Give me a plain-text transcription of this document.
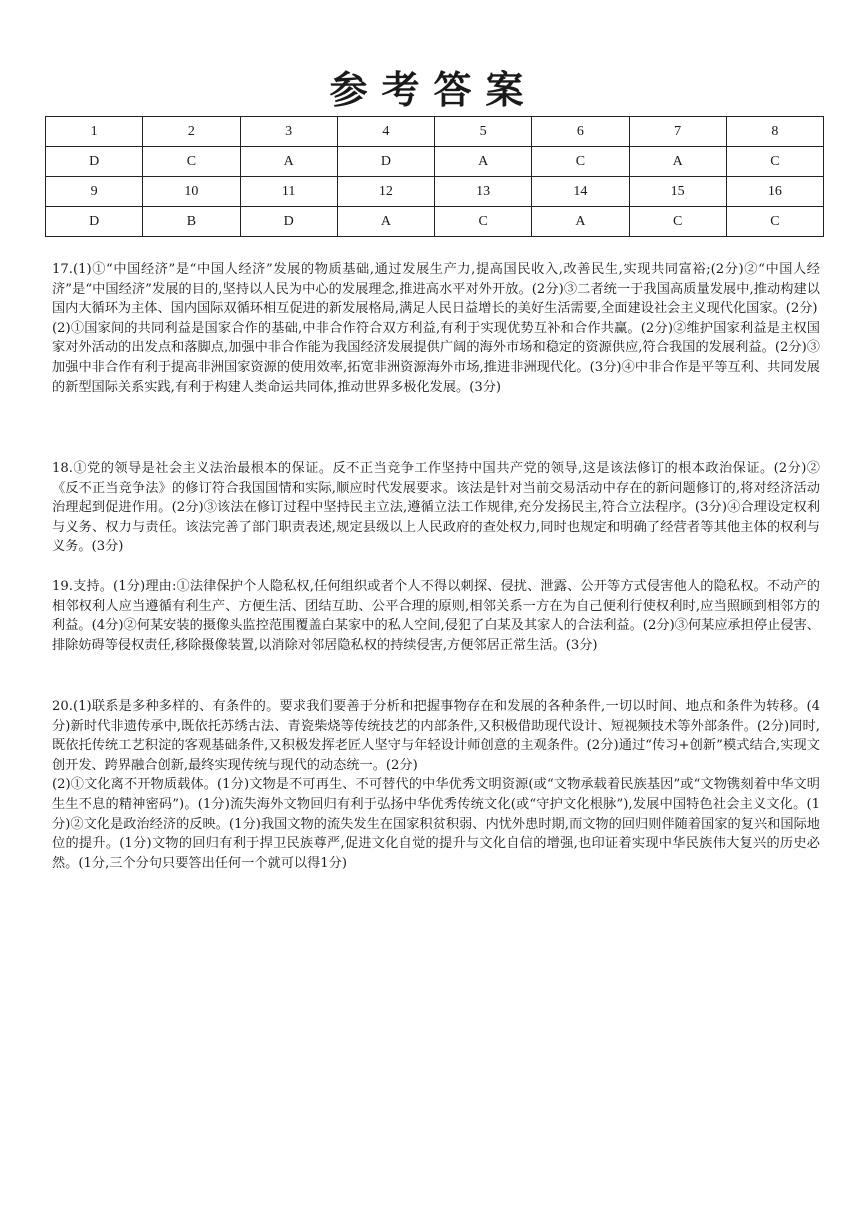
参考答案
1	2	3	4	5	6	7	8
D	C	A	D	A	C	A	C
9	10	11	12	13	14	15	16
D	B	D	A	C	A	C	C

17.(1)①“中国经济”是“中国人经济”发展的物质基础,通过发展生产力,提高国民收入,改善民生,实现共同富裕;(2分)②“中国人经济”是“中国经济”发展的目的,坚持以人民为中心的发展理念,推进高水平对外开放。(2分)③二者统一于我国高质量发展中,推动构建以国内大循环为主体、国内国际双循环相互促进的新发展格局,满足人民日益增长的美好生活需要,全面建设社会主义现代化国家。(2分)

(2)①国家间的共同利益是国家合作的基础,中非合作符合双方利益,有利于实现优势互补和合作共赢。(2分)②维护国家利益是主权国家对外活动的出发点和落脚点,加强中非合作能为我国经济发展提供广阔的海外市场和稳定的资源供应,符合我国的发展利益。(2分)③加强中非合作有利于提高非洲国家资源的使用效率,拓宽非洲资源海外市场,推进非洲现代化。(3分)④中非合作是平等互利、共同发展的新型国际关系实践,有利于构建人类命运共同体,推动世界多极化发展。(3分)

18.①党的领导是社会主义法治最根本的保证。反不正当竞争工作坚持中国共产党的领导,这是该法修订的根本政治保证。(2分)②《反不正当竞争法》的修订符合我国国情和实际,顺应时代发展要求。该法是针对当前交易活动中存在的新问题修订的,将对经济活动治理起到促进作用。(2分)③该法在修订过程中坚持民主立法,遵循立法工作规律,充分发扬民主,符合立法程序。(3分)④合理设定权利与义务、权力与责任。该法完善了部门职责表述,规定县级以上人民政府的查处权力,同时也规定和明确了经营者等其他主体的权利与义务。(3分)

19.支持。(1分)理由:①法律保护个人隐私权,任何组织或者个人不得以刺探、侵扰、泄露、公开等方式侵害他人的隐私权。不动产的相邻权利人应当遵循有利生产、方便生活、团结互助、公平合理的原则,相邻关系一方在为自己便利行使权利时,应当照顾到相邻方的利益。(4分)②何某安装的摄像头监控范围覆盖白某家中的私人空间,侵犯了白某及其家人的合法利益。(2分)③何某应承担停止侵害、排除妨碍等侵权责任,移除摄像装置,以消除对邻居隐私权的持续侵害,方便邻居正常生活。(3分)

20.(1)联系是多种多样的、有条件的。要求我们要善于分析和把握事物存在和发展的各种条件,一切以时间、地点和条件为转移。(4分)新时代非遗传承中,既依托苏绣古法、青瓷柴烧等传统技艺的内部条件,又积极借助现代设计、短视频技术等外部条件。(2分)同时,既依托传统工艺积淀的客观基础条件,又积极发挥老匠人坚守与年轻设计师创意的主观条件。(2分)通过“传习+创新”模式结合,实现文创开发、跨界融合创新,最终实现传统与现代的动态统一。(2分)

(2)①文化离不开物质载体。(1分)文物是不可再生、不可替代的中华优秀文明资源(或“文物承载着民族基因”或“文物镌刻着中华文明生生不息的精神密码”)。(1分)流失海外文物回归有利于弘扬中华优秀传统文化(或“守护文化根脉”),发展中国特色社会主义文化。(1分)②文化是政治经济的反映。(1分)我国文物的流失发生在国家积贫积弱、内忧外患时期,而文物的回归则伴随着国家的复兴和国际地位的提升。(1分)文物的回归有利于捍卫民族尊严,促进文化自觉的提升与文化自信的增强,也印证着实现中华民族伟大复兴的历史必然。(1分,三个分句只要答出任何一个就可以得1分)
